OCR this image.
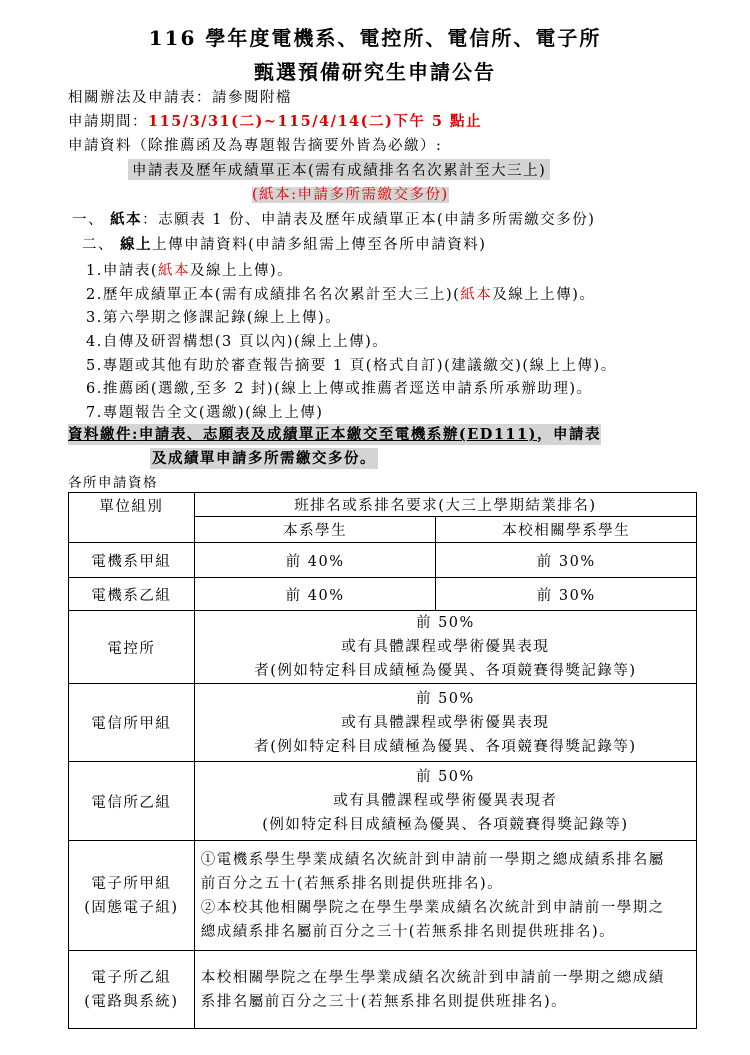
116 學年度電機系、電控所、電信所、電子所
甄選預備研究生申請公告
相關辦法及申請表：請參閱附檔
申請期間：115/3/31(二)~115/4/14(二)下午 5 點止
申請資料（除推薦函及為專題報告摘要外皆為必繳）:
申請表及歷年成績單正本(需有成績排名名次累計至大三上)
(紙本:申請多所需繳交多份)
一、 紙本：志願表 1 份、申請表及歷年成績單正本(申請多所需繳交多份)
二、 線上上傳申請資料(申請多組需上傳至各所申請資料)
1.申請表(紙本及線上上傳)。
2.歷年成績單正本(需有成績排名名次累計至大三上)(紙本及線上上傳)。
3.第六學期之修課記錄(線上上傳)。
4.自傳及研習構想(3 頁以內)(線上上傳)。
5.專題或其他有助於審查報告摘要 1 頁(格式自訂)(建議繳交)(線上上傳)。
6.推薦函(選繳,至多 2 封)(線上上傳或推薦者逕送申請系所承辦助理)。
7.專題報告全文(選繳)(線上上傳)
資料繳件:申請表、志願表及成績單正本繳交至電機系辦(ED111)，申請表
及成績單申請多所需繳交多份。
各所申請資格
單位組別	班排名或系排名要求(大三上學期結業排名)	
	本系學生	本校相關學系學生
電機系甲組	前 40%	前 30%
電機系乙組	前 40%	前 30%
電控所	前 50%
或有具體課程或學術優異表現
者(例如特定科目成績極為優異、各項競賽得獎記錄等)	

電信所甲組	前 50%
或有具體課程或學術優異表現
者(例如特定科目成績極為優異、各項競賽得獎記錄等)	

電信所乙組	前 50%
或有具體課程或學術優異表現者
(例如特定科目成績極為優異、各項競賽得獎記錄等)	

電子所甲組
(固態電子組)	①電機系學生學業成績名次統計到申請前一學期之總成績系排名屬
前百分之五十(若無系排名則提供班排名)。
②本校其他相關學院之在學生學業成績名次統計到申請前一學期之
總成績系排名屬前百分之三十(若無系排名則提供班排名)。	

電子所乙組
(電路與系統)	本校相關學院之在學生學業成績名次統計到申請前一學期之總成績
系排名屬前百分之三十(若無系排名則提供班排名)。	
